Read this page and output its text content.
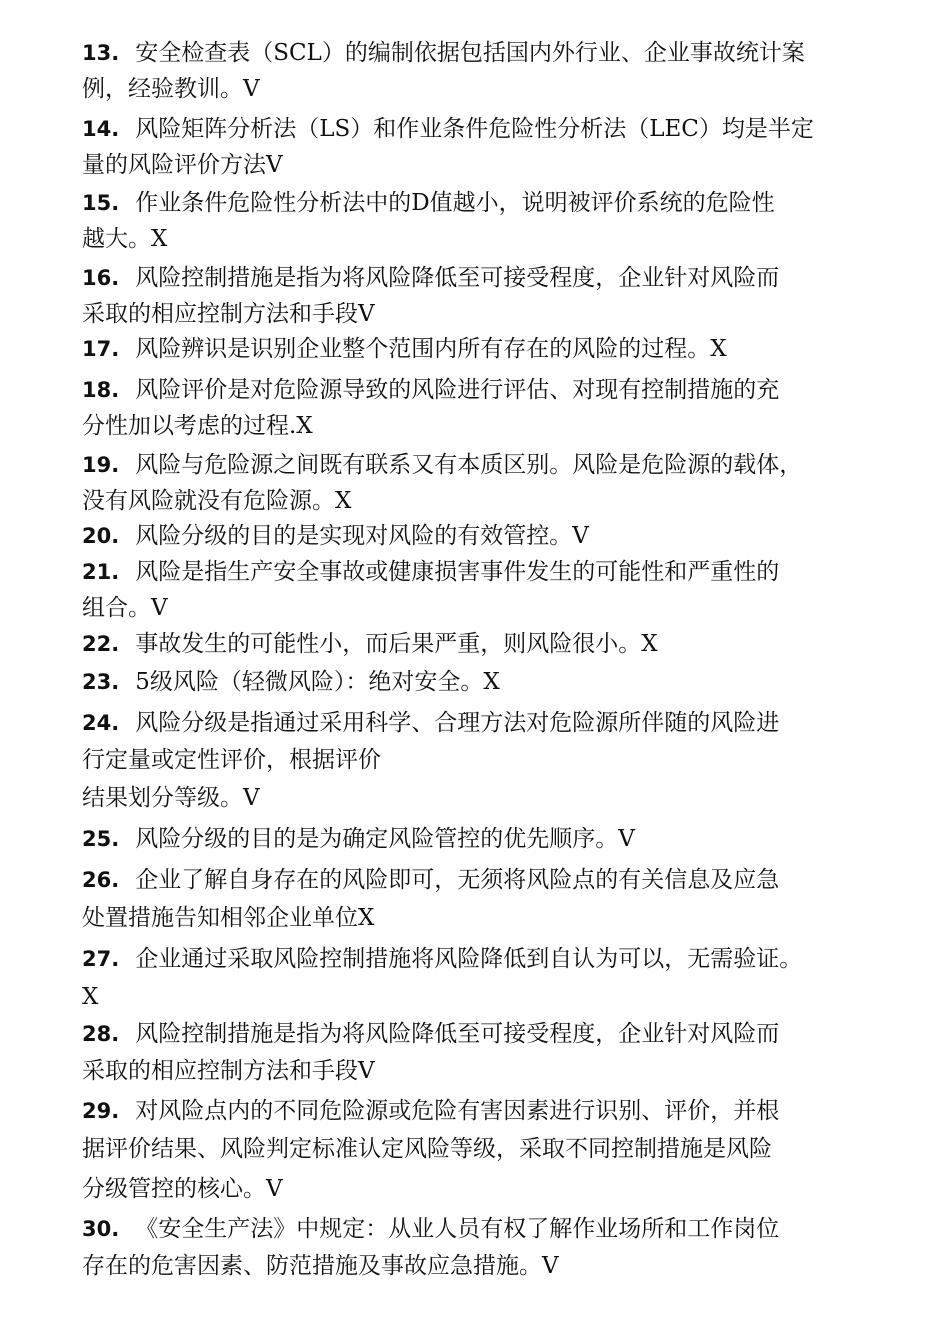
13. 安全检查表（SCL）的编制依据包括国内外行业、企业事故统计案
例，经验教训。V
14. 风险矩阵分析法（LS）和作业条件危险性分析法（LEC）均是半定
量的风险评价方法V
15. 作业条件危险性分析法中的D值越小，说明被评价系统的危险性
越大。X
16. 风险控制措施是指为将风险降低至可接受程度，企业针对风险而
采取的相应控制方法和手段V
17. 风险辨识是识别企业整个范围内所有存在的风险的过程。X
18. 风险评价是对危险源导致的风险进行评估、对现有控制措施的充
分性加以考虑的过程.X
19. 风险与危险源之间既有联系又有本质区别。风险是危险源的载体，
没有风险就没有危险源。X
20. 风险分级的目的是实现对风险的有效管控。V
21. 风险是指生产安全事故或健康损害事件发生的可能性和严重性的
组合。V
22. 事故发生的可能性小，而后果严重，则风险很小。X
23. 5级风险（轻微风险）：绝对安全。X
24. 风险分级是指通过采用科学、合理方法对危险源所伴随的风险进
行定量或定性评价，根据评价
结果划分等级。V
25. 风险分级的目的是为确定风险管控的优先顺序。V
26. 企业了解自身存在的风险即可，无须将风险点的有关信息及应急
处置措施告知相邻企业单位X
27. 企业通过采取风险控制措施将风险降低到自认为可以，无需验证。
X
28. 风险控制措施是指为将风险降低至可接受程度，企业针对风险而
采取的相应控制方法和手段V
29. 对风险点内的不同危险源或危险有害因素进行识别、评价，并根
据评价结果、风险判定标准认定风险等级，采取不同控制措施是风险
分级管控的核心。V
30. 《安全生产法》中规定：从业人员有权了解作业场所和工作岗位
存在的危害因素、防范措施及事故应急措施。V
